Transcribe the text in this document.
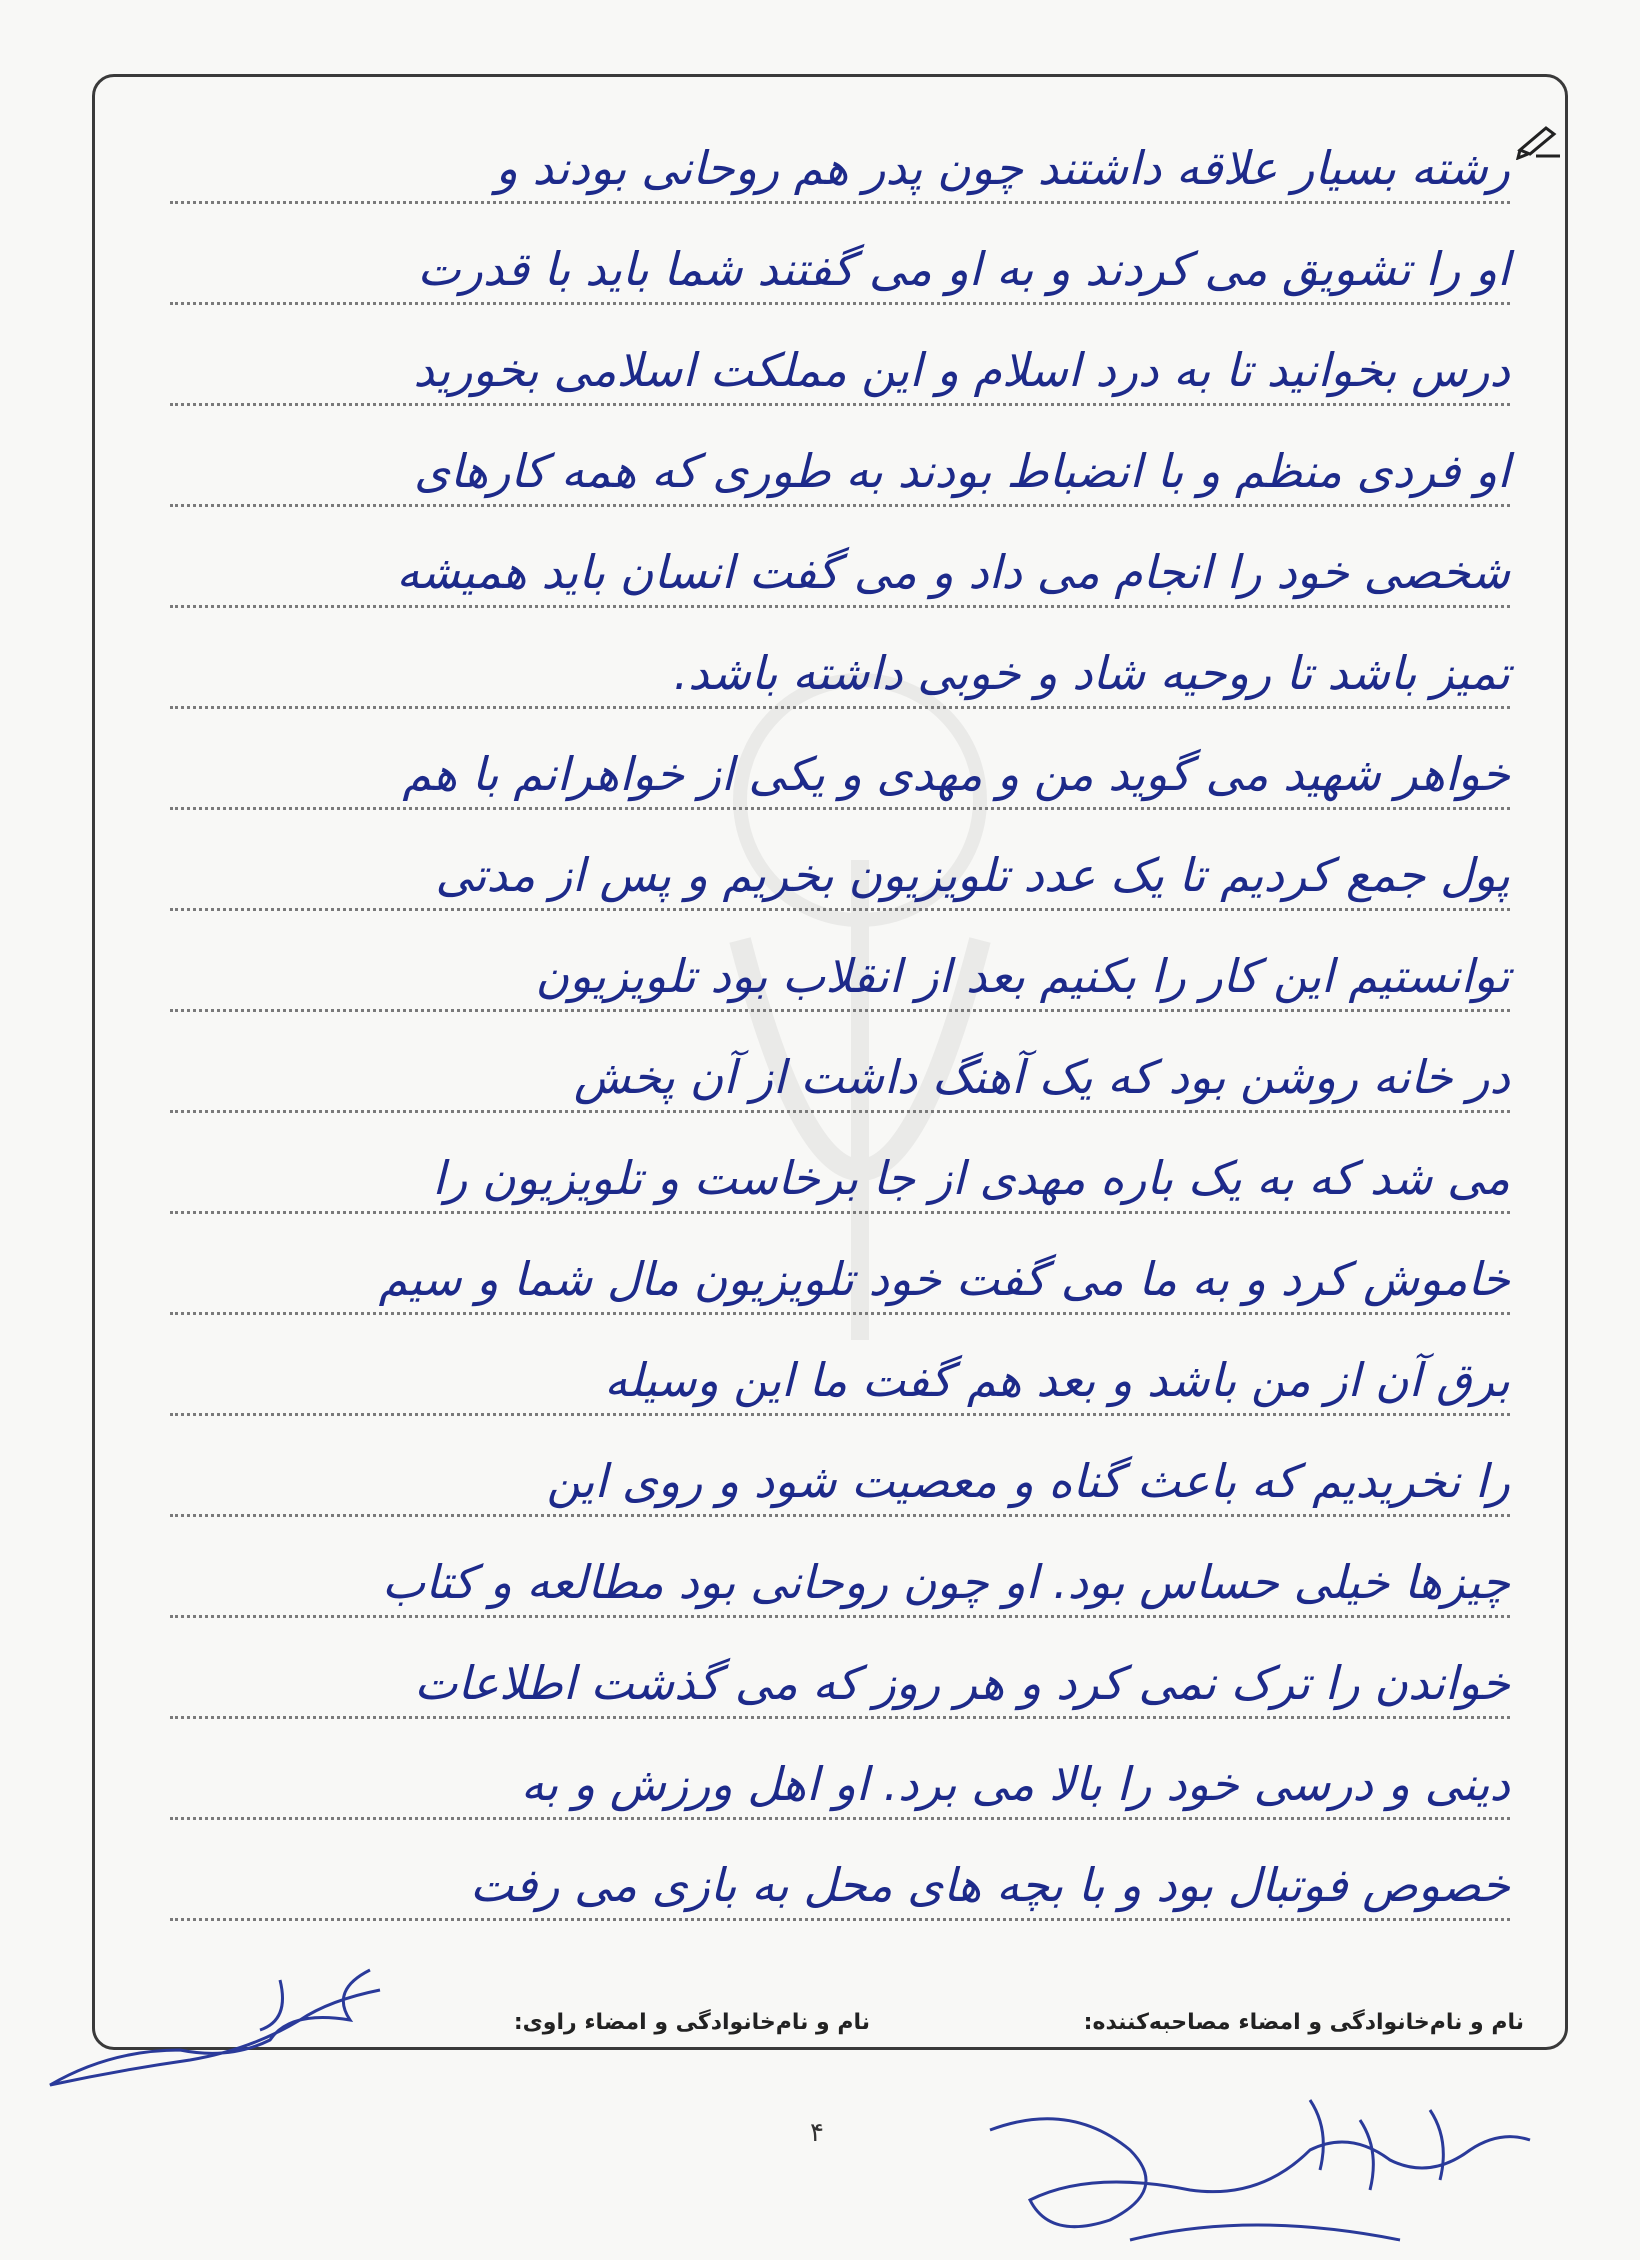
رشته بسیار علاقه داشتند چون پدر هم روحانی بودند و
او را تشویق می کردند و به او می گفتند شما باید با قدرت
درس بخوانید تا به درد اسلام و این مملکت اسلامی بخورید
او فردی منظم و با انضباط بودند به طوری که همه کارهای
شخصی خود را انجام می داد و می گفت انسان باید همیشه
تمیز باشد تا روحیه شاد و خوبی داشته باشد.
خواهر شهید می گوید من و مهدی و یکی از خواهرانم با هم
پول جمع کردیم تا یک عدد تلویزیون بخریم و پس از مدتی
توانستیم این کار را بکنیم بعد از انقلاب بود تلویزیون
در خانه روشن بود که یک آهنگ داشت از آن پخش
می شد که به یک باره مهدی از جا برخاست و تلویزیون را
خاموش کرد و به ما می گفت خود تلویزیون مال شما و سیم
برق آن از من باشد و بعد هم گفت ما این وسیله
را نخریدیم که باعث گناه و معصیت شود و روی این
چیزها خیلی حساس بود. او چون روحانی بود مطالعه و کتاب
خواندن را ترک نمی کرد و هر روز که می گذشت اطلاعات
دینی و درسی خود را بالا می برد. او اهل ورزش و به
خصوص فوتبال بود و با بچه های محل به بازی می رفت
نام و نام‌خانوادگی و امضاء مصاحبه‌کننده:
نام و نام‌خانوادگی و امضاء راوی:
۴
